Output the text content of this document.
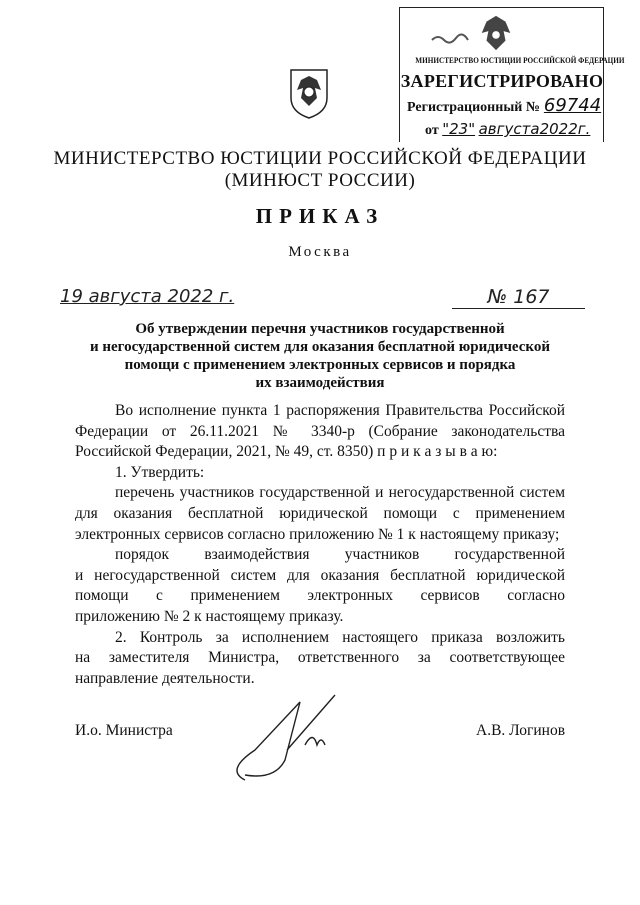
МИНИСТЕРСТВО ЮСТИЦИИ РОССИЙСКОЙ ФЕДЕРАЦИИ
ЗАРЕГИСТРИРОВАНО
Регистрационный № 69744
от "23" августа2022г.
МИНИСТЕРСТВО ЮСТИЦИИ РОССИЙСКОЙ ФЕДЕРАЦИИ
(МИНЮСТ РОССИИ)
ПРИКАЗ
Москва
19 августа 2022 г.	№ 167
Об утверждении перечня участников государственной
и негосударственной систем для оказания бесплатной юридической
помощи с применением электронных сервисов и порядка
их взаимодействия
Во исполнение пункта 1 распоряжения Правительства Российской
Федерации от 26.11.2021 № 3340-р (Собрание законодательства
Российской Федерации, 2021, № 49, ст. 8350) п р и к а з ы в а ю:
1. Утвердить:
перечень участников государственной и негосударственной систем
для оказания бесплатной юридической помощи с применением
электронных сервисов согласно приложению № 1 к настоящему приказу;
порядок взаимодействия участников государственной
и негосударственной систем для оказания бесплатной юридической
помощи с применением электронных сервисов согласно
приложению № 2 к настоящему приказу.
2. Контроль за исполнением настоящего приказа возложить
на заместителя Министра, ответственного за соответствующее
направление деятельности.
И.о. Министра	А.В. Логинов
